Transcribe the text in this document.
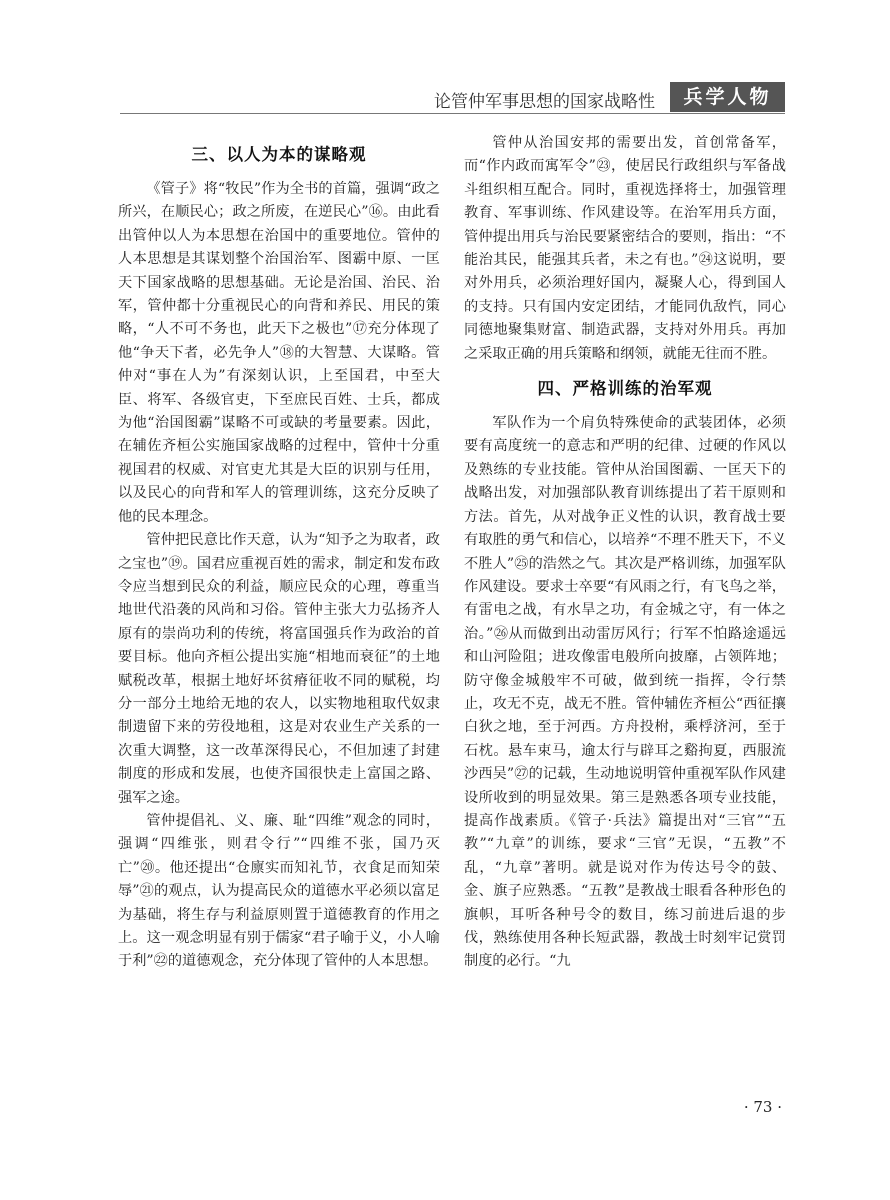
论管仲军事思想的国家战略性	兵学人物
三、以人为本的谋略观

《管子》将“牧民”作为全书的首篇，强调“政之所兴，在顺民心；政之所废，在逆民心”⑯。由此看出管仲以人为本思想在治国中的重要地位。管仲的人本思想是其谋划整个治国治军、图霸中原、一匡天下国家战略的思想基础。无论是治国、治民、治军，管仲都十分重视民心的向背和养民、用民的策略，“人不可不务也，此天下之极也”⑰充分体现了他“争天下者，必先争人”⑱的大智慧、大谋略。管仲对“事在人为”有深刻认识，上至国君，中至大臣、将军、各级官吏，下至庶民百姓、士兵，都成为他“治国图霸”谋略不可或缺的考量要素。因此，在辅佐齐桓公实施国家战略的过程中，管仲十分重视国君的权威、对官吏尤其是大臣的识别与任用，以及民心的向背和军人的管理训练，这充分反映了他的民本理念。

管仲把民意比作天意，认为“知予之为取者，政之宝也”⑲。国君应重视百姓的需求，制定和发布政令应当想到民众的利益，顺应民众的心理，尊重当地世代沿袭的风尚和习俗。管仲主张大力弘扬齐人原有的崇尚功利的传统，将富国强兵作为政治的首要目标。他向齐桓公提出实施“相地而衰征”的土地赋税改革，根据土地好坏贫瘠征收不同的赋税，均分一部分土地给无地的农人，以实物地租取代奴隶制遗留下来的劳役地租，这是对农业生产关系的一次重大调整，这一改革深得民心，不但加速了封建制度的形成和发展，也使齐国很快走上富国之路、强军之途。

管仲提倡礼、义、廉、耻“四维”观念的同时，强调“四维张，则君令行”“四维不张，国乃灭亡”⑳。他还提出“仓廪实而知礼节，衣食足而知荣辱”㉑的观点，认为提高民众的道德水平必须以富足为基础，将生存与利益原则置于道德教育的作用之上。这一观念明显有别于儒家“君子喻于义，小人喻于利”㉒的道德观念，充分体现了管仲的人本思想。

管仲从治国安邦的需要出发，首创常备军，而“作内政而寓军令”㉓，使居民行政组织与军备战斗组织相互配合。同时，重视选择将士，加强管理教育、军事训练、作风建设等。在治军用兵方面，管仲提出用兵与治民要紧密结合的要则，指出：“不能治其民，能强其兵者，未之有也。”㉔这说明，要对外用兵，必须治理好国内，凝聚人心，得到国人的支持。只有国内安定团结，才能同仇敌忾，同心同德地聚集财富、制造武器，支持对外用兵。再加之采取正确的用兵策略和纲领，就能无往而不胜。

四、严格训练的治军观

军队作为一个肩负特殊使命的武装团体，必须要有高度统一的意志和严明的纪律、过硬的作风以及熟练的专业技能。管仲从治国图霸、一匡天下的战略出发，对加强部队教育训练提出了若干原则和方法。首先，从对战争正义性的认识，教育战士要有取胜的勇气和信心，以培养“不理不胜天下，不义不胜人”㉕的浩然之气。其次是严格训练，加强军队作风建设。要求士卒要“有风雨之行，有飞鸟之举，有雷电之战，有水旱之功，有金城之守，有一体之治。”㉖从而做到出动雷厉风行；行军不怕路途遥远和山河险阻；进攻像雷电般所向披靡，占领阵地；防守像金城般牢不可破，做到统一指挥，令行禁止，攻无不克，战无不胜。管仲辅佐齐桓公“西征攘白狄之地，至于河西。方舟投柎，乘桴济河，至于石枕。悬车束马，逾太行与辟耳之谿拘夏，西服流沙西吴”㉗的记载，生动地说明管仲重视军队作风建设所收到的明显效果。第三是熟悉各项专业技能，提高作战素质。《管子·兵法》篇提出对“三官”“五教”“九章”的训练，要求“三官”无误，“五教”不乱，“九章”著明。就是说对作为传达号令的鼓、金、旗子应熟悉。“五教”是教战士眼看各种形色的旗帜，耳听各种号令的数目，练习前进后退的步伐，熟练使用各种长短武器，教战士时刻牢记赏罚制度的必行。“九

· 73 ·
